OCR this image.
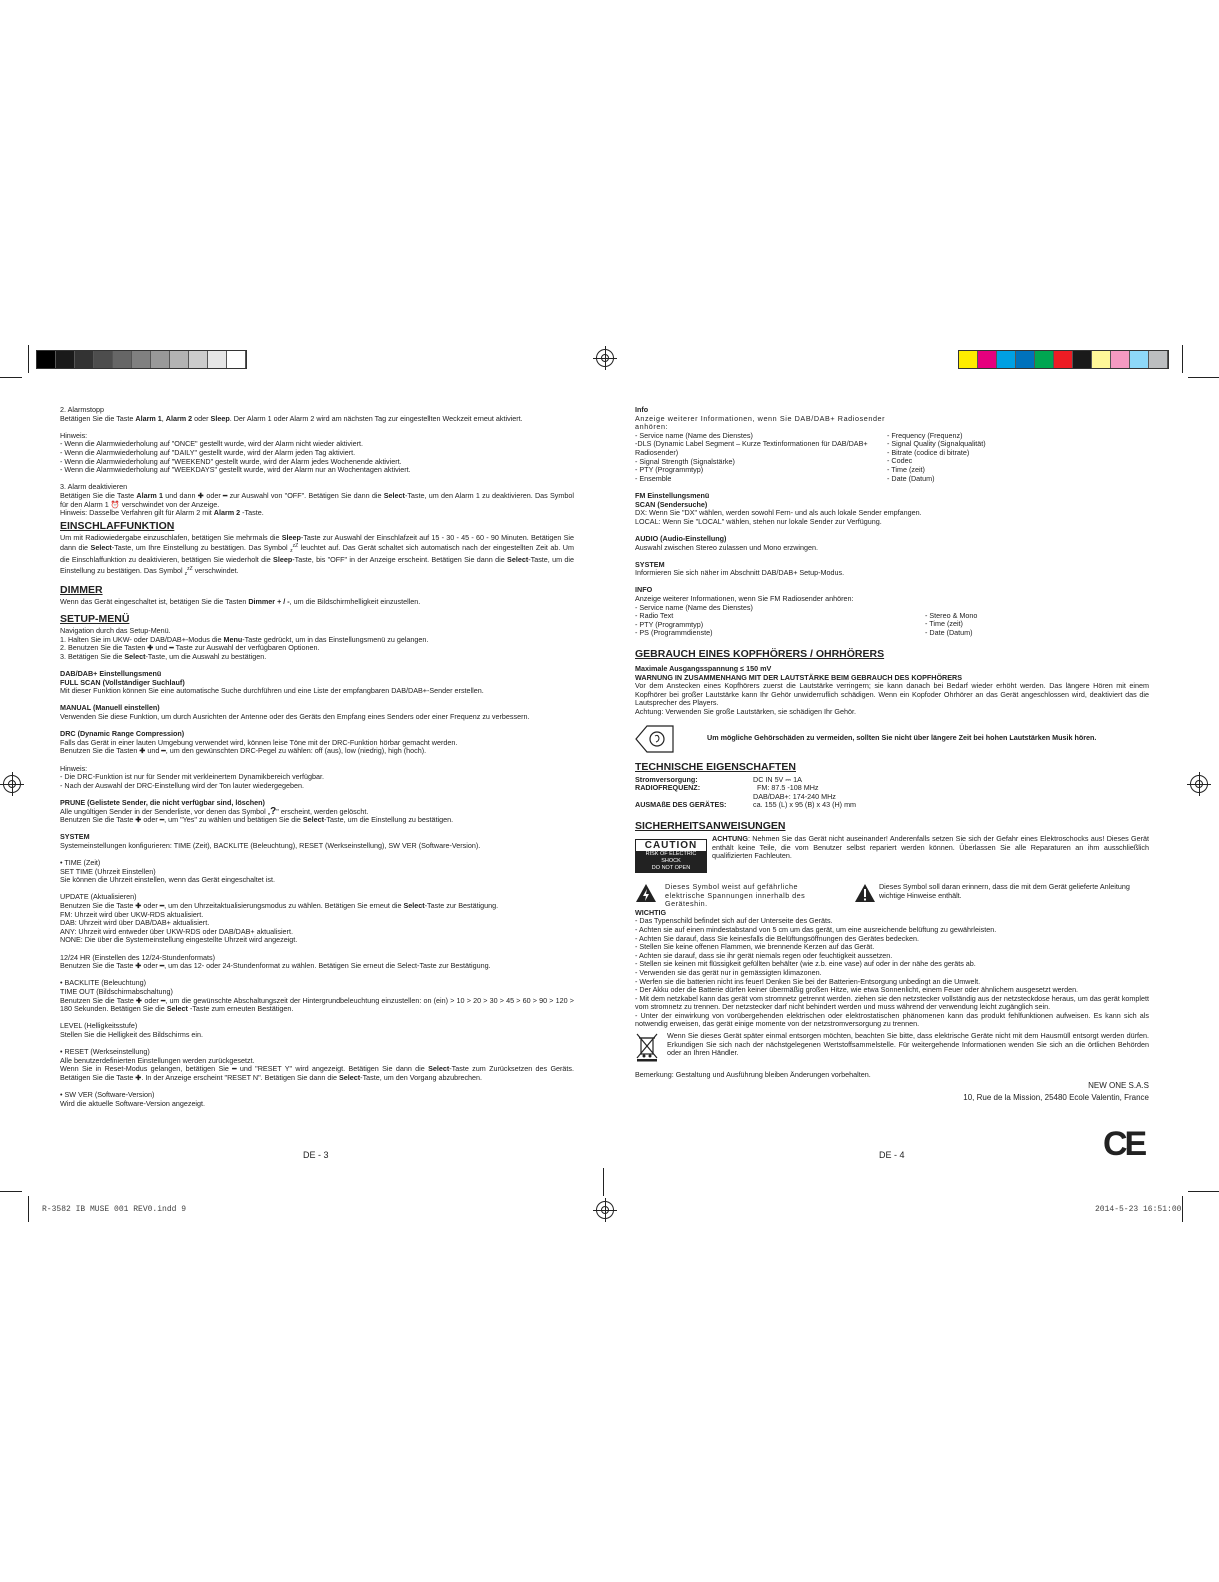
2. Alarmstopp

Betätigen Sie die Taste Alarm 1, Alarm 2 oder Sleep. Der Alarm 1 oder Alarm 2 wird am nächsten Tag zur eingestellten Weckzeit erneut aktiviert.

Hinweis:

- Wenn die Alarmwiederholung auf "ONCE" gestellt wurde, wird der Alarm nicht wieder aktiviert.

- Wenn die Alarmwiederholung auf "DAILY" gestellt wurde, wird der Alarm jeden Tag aktiviert.

- Wenn die Alarmwiederholung auf "WEEKEND" gestellt wurde, wird der Alarm jedes Wochenende aktiviert.

- Wenn die Alarmwiederholung auf "WEEKDAYS" gestellt wurde, wird der Alarm nur an Wochentagen aktiviert.

3. Alarm deaktivieren

Betätigen Sie die Taste Alarm 1 und dann ✚ oder ━ zur Auswahl von "OFF". Betätigen Sie dann die Select-Taste, um den Alarm 1 zu deaktivieren. Das Symbol für den Alarm 1 ⏰ verschwindet von der Anzeige.

Hinweis: Dasselbe Verfahren gilt für Alarm 2 mit Alarm 2 -Taste.

EINSCHLAFFUNKTION

Um mit Radiowiedergabe einzuschlafen, betätigen Sie mehrmals die Sleep-Taste zur Auswahl der Einschlafzeit auf 15 - 30 - 45 - 60 - 90 Minuten. Betätigen Sie dann die Select-Taste, um Ihre Einstellung zu bestätigen. Das Symbol $_z^{zZ}$ leuchtet auf. Das Gerät schaltet sich automatisch nach der eingestellten Zeit ab. Um die Einschlaffunktion zu deaktivieren, betätigen Sie wiederholt die Sleep-Taste, bis "OFF" in der Anzeige erscheint. Betätigen Sie dann die Select-Taste, um die Einstellung zu bestätigen. Das Symbol $_z^{zZ}$ verschwindet.

DIMMER

Wenn das Gerät eingeschaltet ist, betätigen Sie die Tasten Dimmer + / -, um die Bildschirmhelligkeit einzustellen.

SETUP-MENÜ

Navigation durch das Setup-Menü.

1. Halten Sie im UKW- oder DAB/DAB+-Modus die Menu-Taste gedrückt, um in das Einstellungsmenü zu gelangen.

2. Benutzen Sie die Tasten ✚ und ━ Taste zur Auswahl der verfügbaren Optionen.

3. Betätigen Sie die Select-Taste, um die Auswahl zu bestätigen.

DAB/DAB+ Einstellungsmenü

FULL SCAN (Vollständiger Suchlauf)

Mit dieser Funktion können Sie eine automatische Suche durchführen und eine Liste der empfangbaren DAB/DAB+-Sender erstellen.

MANUAL (Manuell einstellen)

Verwenden Sie diese Funktion, um durch Ausrichten der Antenne oder des Geräts den Empfang eines Senders oder einer Frequenz zu verbessern.

DRC (Dynamic Range Compression)

Falls das Gerät in einer lauten Umgebung verwendet wird, können leise Töne mit der DRC-Funktion hörbar gemacht werden.

Benutzen Sie die Tasten ✚ und ━, um den gewünschten DRC-Pegel zu wählen: off (aus), low (niedrig), high (hoch).

Hinweis:

- Die DRC-Funktion ist nur für Sender mit verkleinertem Dynamikbereich verfügbar.

- Nach der Auswahl der DRC-Einstellung wird der Ton lauter wiedergegeben.

PRUNE (Gelistete Sender, die nicht verfügbar sind, löschen)

Alle ungültigen Sender in der Senderliste, vor denen das Symbol „?" erscheint, werden gelöscht.

Benutzen Sie die Taste ✚ oder ━, um "Yes" zu wählen und betätigen Sie die Select-Taste, um die Einstellung zu bestätigen.

SYSTEM

Systemeinstellungen konfigurieren: TIME (Zeit), BACKLITE (Beleuchtung), RESET (Werkseinstellung), SW VER (Software-Version).

• TIME (Zeit)

SET TIME (Uhrzeit Einstellen)

Sie können die Uhrzeit einstellen, wenn das Gerät eingeschaltet ist.

UPDATE (Aktualisieren)

Benutzen Sie die Taste ✚ oder ━, um den Uhrzeitaktualisierungsmodus zu wählen. Betätigen Sie erneut die Select-Taste zur Bestätigung.

FM: Uhrzeit wird über UKW-RDS aktualisiert.

DAB: Uhrzeit wird über DAB/DAB+ aktualisiert.

ANY: Uhrzeit wird entweder über UKW-RDS oder DAB/DAB+ aktualisiert.

NONE: Die über die Systemeinstellung eingestellte Uhrzeit wird angezeigt.

12/24 HR (Einstellen des 12/24-Stundenformats)

Benutzen Sie die Taste ✚ oder ━, um das 12- oder 24-Stundenformat zu wählen. Betätigen Sie erneut die Select-Taste zur Bestätigung.

• BACKLITE (Beleuchtung)

TIME OUT (Bildschirmabschaltung)

Benutzen Sie die Taste ✚ oder ━, um die gewünschte Abschaltungszeit der Hintergrundbeleuchtung einzustellen: on (ein) > 10 > 20 > 30 > 45 > 60 > 90 > 120 > 180 Sekunden. Betätigen Sie die Select -Taste zum erneuten Bestätigen.

LEVEL (Helligkeitsstufe)

Stellen Sie die Helligkeit des Bildschirms ein.

• RESET (Werkseinstellung)

Alle benutzerdefinierten Einstellungen werden zurückgesetzt.

Wenn Sie in Reset-Modus gelangen, betätigen Sie ━ und "RESET Y" wird angezeigt. Betätigen Sie dann die Select-Taste zum Zurücksetzen des Geräts. Betätigen Sie die Taste ✚. In der Anzeige erscheint "RESET N". Betätigen Sie dann die Select-Taste, um den Vorgang abzubrechen.

• SW VER (Software-Version)

Wird die aktuelle Software-Version angezeigt.

DE - 3

Info

Anzeige weiterer Informationen, wenn Sie DAB/DAB+ Radiosender anhören:

- Service name (Name des Dienstes)

-DLS (Dynamic Label Segment – Kurze Textinformationen für DAB/DAB+ Radiosender)

- Signal Strength (Signalstärke)

- PTY (Programmtyp)

- Ensemble

- Frequency (Frequenz)

- Signal Quality (Signalqualität)

- Bitrate (codice di bitrate)

- Codec

- Time (zeit)

- Date (Datum)

FM Einstellungsmenü

SCAN (Sendersuche)

DX: Wenn Sie "DX" wählen, werden sowohl Fern- und als auch lokale Sender empfangen.

LOCAL: Wenn Sie "LOCAL" wählen, stehen nur lokale Sender zur Verfügung.

AUDIO (Audio-Einstellung)

Auswahl zwischen Stereo zulassen und Mono erzwingen.

SYSTEM

Informieren Sie sich näher im Abschnitt DAB/DAB+ Setup-Modus.

INFO

Anzeige weiterer Informationen, wenn Sie FM Radiosender anhören:

- Service name (Name des Dienstes)

- Radio Text

- PTY (Programmtyp)

- PS (Programmdienste)

- Stereo & Mono

- Time (zeit)

- Date (Datum)

GEBRAUCH EINES KOPFHÖRERS / OHRHÖRERS

Maximale Ausgangsspannung ≤ 150 mV

WARNUNG IN ZUSAMMENHANG MIT DER LAUTSTÄRKE BEIM GEBRAUCH DES KOPFHÖRERS

Vor dem Anstecken eines Kopfhörers zuerst die Lautstärke verringern; sie kann danach bei Bedarf wieder erhöht werden. Das längere Hören mit einem Kopfhörer bei großer Lautstärke kann Ihr Gehör unwiderruflich schädigen. Wenn ein Kopfoder Ohrhörer an das Gerät angeschlossen wird, deaktiviert das die Lautsprecher des Players.

Achtung: Verwenden Sie große Lautstärken, sie schädigen Ihr Gehör.

Um mögliche Gehörschäden zu vermeiden, sollten Sie nicht über längere Zeit bei hohen Lautstärken Musik hören.

TECHNISCHE EIGENSCHAFTEN

Stromversorgung:	DC IN 5V ⎓ 1A
RADIOFREQUENZ:	FM: 87.5 -108 MHz
DAB/DAB+: 174-240 MHz
AUSMAßE DES GERÄTES:	ca. 155 (L) x 95 (B) x 43 (H) mm

SICHERHEITSANWEISUNGEN

CAUTION
RISK OF ELECTRIC SHOCK
DO NOT OPEN

ACHTUNG: Nehmen Sie das Gerät nicht auseinander! Anderenfalls setzen Sie sich der Gefahr eines Elektroschocks aus! Dieses Gerät enthält keine Teile, die vom Benutzer selbst repariert werden können. Überlassen Sie alle Reparaturen an ihm ausschließlich qualifizierten Fachleuten.

Dieses Symbol weist auf gefährliche elektrische Spannungen innerhalb des Geräteshin.

Dieses Symbol soll daran erinnern, dass die mit dem Gerät gelieferte Anleitung wichtige Hinweise enthält.

WICHTIG

- Das Typenschild befindet sich auf der Unterseite des Geräts.

- Achten sie auf einen mindestabstand von 5 cm um das gerät, um eine ausreichende belüftung zu gewährleisten.

- Achten Sie darauf, dass Sie keinesfalls die Belüftungsöffnungen des Gerätes bedecken.

- Stellen Sie keine offenen Flammen, wie brennende Kerzen auf das Gerät.

- Achten sie darauf, dass sie ihr gerät niemals regen oder feuchtigkeit aussetzen.

- Stellen sie keinen mit flüssigkeit gefüllten behälter (wie z.b. eine vase) auf oder in der nähe des geräts ab.

- Verwenden sie das gerät nur in gemässigten klimazonen.

- Werfen sie die batterien nicht ins feuer! Denken Sie bei der Batterien-Entsorgung unbedingt an die Umwelt.

- Der Akku oder die Batterie dürfen keiner übermäßig großen Hitze, wie etwa Sonnenlicht, einem Feuer oder ähnlichem ausgesetzt werden.

- Mit dem netzkabel kann das gerät vom stromnetz getrennt werden. ziehen sie den netzstecker vollständig aus der netzsteckdose heraus, um das gerät komplett vom stromnetz zu trennen. Der netzstecker darf nicht behindert werden und muss während der verwendung leicht zugänglich sein.

- Unter der einwirkung von vorübergehenden elektrischen oder elektrostatischen phänomenen kann das produkt fehlfunktionen aufweisen. Es kann sich als notwendig erweisen, das gerät einige momente von der netzstromversorgung zu trennen.

Wenn Sie dieses Gerät später einmal entsorgen möchten, beachten Sie bitte, dass elektrische Geräte nicht mit dem Hausmüll entsorgt werden dürfen. Erkundigen Sie sich nach der nächstgelegenen Wertstoffsammelstelle. Für weitergehende Informationen wenden Sie sich an die örtlichen Behörden oder an Ihren Händler.

Bemerkung: Gestaltung und Ausführung bleiben Änderungen vorbehalten.

NEW ONE S.A.S

10, Rue de la Mission, 25480 Ecole Valentin, France

CE
DE - 4
R-3582 IB MUSE 001 REV0.indd 9	2014-5-23 16:51:00
